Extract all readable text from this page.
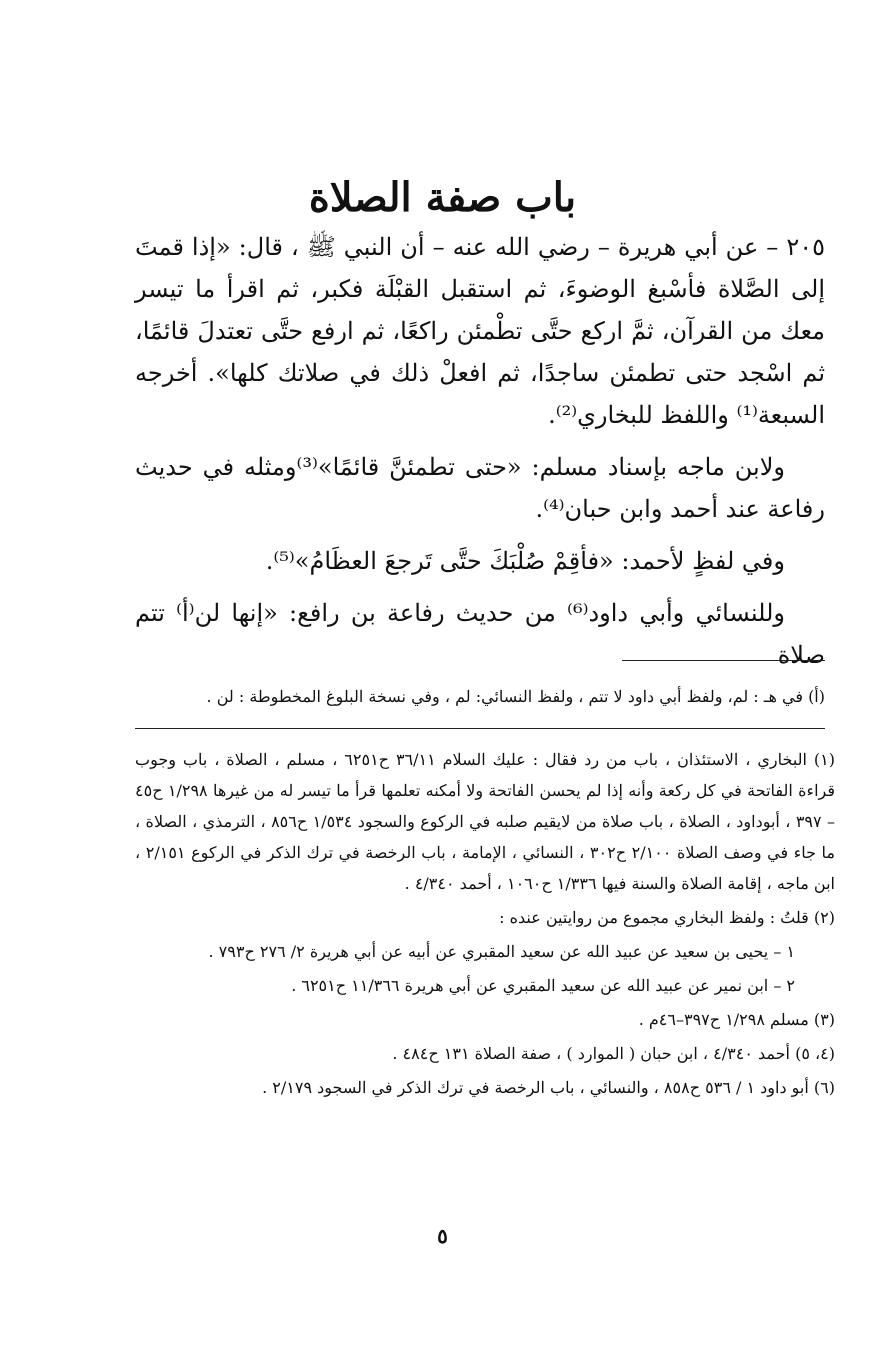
باب صفة الصلاة

٢٠٥ – عن أبي هريرة – رضي الله عنه – أن النبي ﷺ ، قال: «إذا قمتَ إلى الصَّلاة فأسْبغ الوضوءَ، ثم استقبل القبْلَة فكبر، ثم اقرأ ما تيسر معك من القرآن، ثمَّ اركع حتَّى تطْمئن راكعًا، ثم ارفع حتَّى تعتدلَ قائمًا، ثم اسْجد حتى تطمئن ساجدًا، ثم افعلْ ذلك في صلاتك كلها». أخرجه السبعة⁽¹⁾ واللفظ للبخاري⁽²⁾.

ولابن ماجه بإسناد مسلم: «حتى تطمئنَّ قائمًا»⁽³⁾ومثله في حديث رفاعة عند أحمد وابن حبان⁽⁴⁾.

وفي لفظٍ لأحمد: «فأقِمْ صُلْبَكَ حتَّى تَرجعَ العظَامُ»⁽⁵⁾.

وللنسائي وأبي داود⁽⁶⁾ من حديث رفاعة بن رافع: «إنها لن⁽أ⁾ تتم صلاة

(أ) في هـ : لم، ولفظ أبي داود لا تتم ، ولفظ النسائي: لم ، وفي نسخة البلوغ المخطوطة : لن .

(١) البخاري ، الاستئذان ، باب من رد فقال : عليك السلام ٣٦/١١ ح٦٢٥١ ، مسلم ، الصلاة ، باب وجوب قراءة الفاتحة في كل ركعة وأنه إذا لم يحسن الفاتحة ولا أمكنه تعلمها قرأ ما تيسر له من غيرها ١/٢٩٨ ح٤٥ – ٣٩٧ ، أبوداود ، الصلاة ، باب صلاة من لايقيم صلبه في الركوع والسجود ١/٥٣٤ ح٨٥٦ ، الترمذي ، الصلاة ، ما جاء في وصف الصلاة ٢/١٠٠ ح٣٠٢ ، النسائي ، الإمامة ، باب الرخصة في ترك الذكر في الركوع ٢/١٥١ ، ابن ماجه ، إقامة الصلاة والسنة فيها ١/٣٣٦ ح١٠٦٠ ، أحمد ٤/٣٤٠ .

(٢) قلتُ : ولفظ البخاري مجموع من روايتين عنده :

١ – يحيى بن سعيد عن عبيد الله عن سعيد المقبري عن أبيه عن أبي هريرة ٢/ ٢٧٦ ح٧٩٣ .

٢ – ابن نمير عن عبيد الله عن سعيد المقبري عن أبي هريرة ١١/٣٦٦ ح٦٢٥١ .

(٣) مسلم ١/٢٩٨ ح٣٩٧–٤٦م .

(٤، ٥) أحمد ٤/٣٤٠ ، ابن حبان ( الموارد ) ، صفة الصلاة ١٣١ ح٤٨٤ .

(٦) أبو داود ١ / ٥٣٦ ح٨٥٨ ، والنسائي ، باب الرخصة في ترك الذكر في السجود ٢/١٧٩ .

٥
